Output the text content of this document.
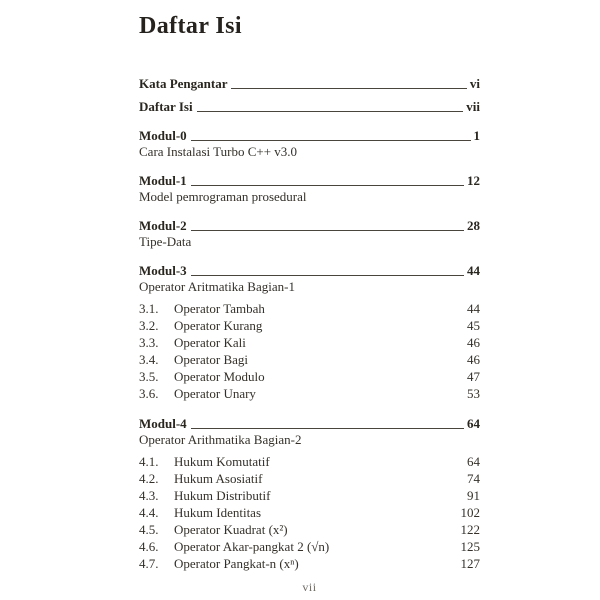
Daftar Isi
Kata Pengantar	vi
Daftar Isi	vii
Modul-0	1
Cara Instalasi Turbo C++ v3.0
Modul-1	12
Model pemrograman prosedural
Modul-2	28
Tipe-Data
Modul-3	44
Operator Aritmatika Bagian-1
3.1.	Operator Tambah	44
3.2.	Operator Kurang	45
3.3.	Operator Kali	46
3.4.	Operator Bagi	46
3.5.	Operator Modulo	47
3.6.	Operator Unary	53
Modul-4	64
Operator Arithmatika Bagian-2
4.1.	Hukum Komutatif	64
4.2.	Hukum Asosiatif	74
4.3.	Hukum Distributif	91
4.4.	Hukum Identitas	102
4.5.	Operator Kuadrat (x²)	122
4.6.	Operator Akar-pangkat 2 (√n)	125
4.7.	Operator Pangkat-n (xⁿ)	127
vii
